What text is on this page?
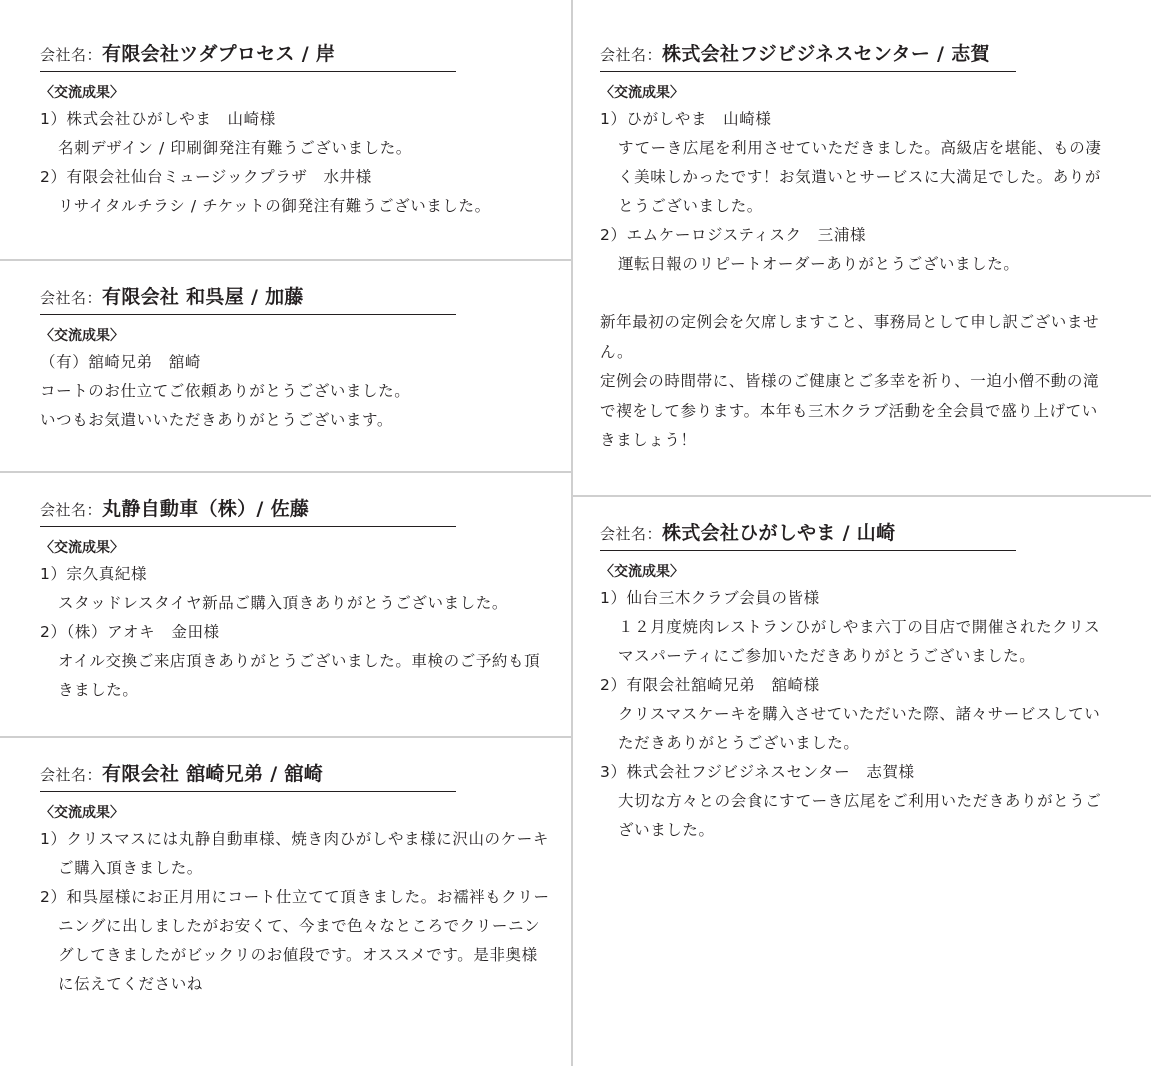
会社名：有限会社ツダプロセス / 岸
〈交流成果〉
1）株式会社ひがしやま　山崎様
名刺デザイン / 印刷御発注有難うございました。
2）有限会社仙台ミュージックプラザ　水井様
リサイタルチラシ / チケットの御発注有難うございました。
会社名：有限会社 和呉屋 / 加藤
〈交流成果〉
（有）舘崎兄弟　舘崎
コートのお仕立てご依頼ありがとうございました。
いつもお気遣いいただきありがとうございます。
会社名：丸静自動車（株）/ 佐藤
〈交流成果〉
1）宗久真紀様
スタッドレスタイヤ新品ご購入頂きありがとうございました。
2）（株）アオキ　金田様
オイル交換ご来店頂きありがとうございました。車検のご予約も頂きました。
会社名：有限会社 舘崎兄弟 / 舘崎
〈交流成果〉
1）クリスマスには丸静自動車様、焼き肉ひがしやま様に沢山のケーキご購入頂きました。
2）和呉屋様にお正月用にコート仕立てて頂きました。お襦袢もクリーニングに出しましたがお安くて、今まで色々なところでクリーニングしてきましたがビックリのお値段です。オススメです。是非奥様に伝えてくださいね
会社名：株式会社フジビジネスセンター / 志賀
〈交流成果〉
1）ひがしやま　山崎様
すてーき広尾を利用させていただきました。高級店を堪能、もの凄く美味しかったです！お気遣いとサービスに大満足でした。ありがとうございました。
2）エムケーロジスティスク　三浦様
運転日報のリピートオーダーありがとうございました。
新年最初の定例会を欠席しますこと、事務局として申し訳ございません。
定例会の時間帯に、皆様のご健康とご多幸を祈り、一迫小僧不動の滝で禊をして参ります。本年も三木クラブ活動を全会員で盛り上げていきましょう！
会社名：株式会社ひがしやま / 山崎
〈交流成果〉
1）仙台三木クラブ会員の皆様
１２月度焼肉レストランひがしやま六丁の目店で開催されたクリスマスパーティにご参加いただきありがとうございました。
2）有限会社舘崎兄弟　舘崎様
クリスマスケーキを購入させていただいた際、諸々サービスしていただきありがとうございました。
3）株式会社フジビジネスセンター　志賀様
大切な方々との会食にすてーき広尾をご利用いただきありがとうございました。
